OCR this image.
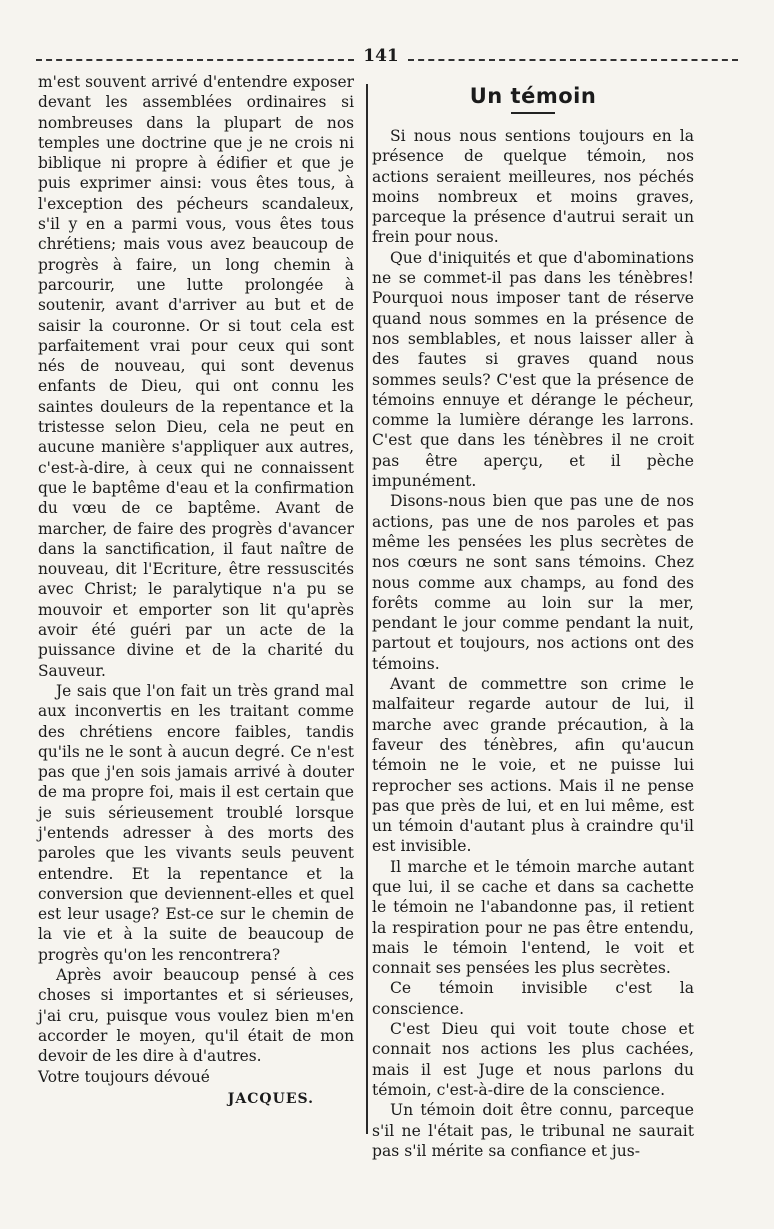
141

m'est souvent arrivé d'entendre exposer devant les assemblées ordinaires si nombreuses dans la plupart de nos temples une doctrine que je ne crois ni biblique ni propre à édifier et que je puis exprimer ainsi: vous êtes tous, à l'exception des pécheurs scandaleux, s'il y en a parmi vous, vous êtes tous chrétiens; mais vous avez beaucoup de progrès à faire, un long chemin à parcourir, une lutte prolongée à soutenir, avant d'arriver au but et de saisir la couronne. Or si tout cela est parfaitement vrai pour ceux qui sont nés de nouveau, qui sont devenus enfants de Dieu, qui ont connu les saintes douleurs de la repentance et la tristesse selon Dieu, cela ne peut en aucune manière s'appliquer aux autres, c'est-à-dire, à ceux qui ne connaissent que le baptême d'eau et la confirmation du vœu de ce baptême. Avant de marcher, de faire des progrès d'avancer dans la sanctification, il faut naître de nouveau, dit l'Ecriture, être ressuscités avec Christ; le paralytique n'a pu se mouvoir et emporter son lit qu'après avoir été guéri par un acte de la puissance divine et de la charité du Sauveur.

Je sais que l'on fait un très grand mal aux inconvertis en les traitant comme des chrétiens encore faibles, tandis qu'ils ne le sont à aucun degré. Ce n'est pas que j'en sois jamais arrivé à douter de ma propre foi, mais il est certain que je suis sérieusement troublé lorsque j'entends adresser à des morts des paroles que les vivants seuls peuvent entendre. Et la repentance et la conversion que deviennent-elles et quel est leur usage? Est-ce sur le chemin de la vie et à la suite de beaucoup de progrès qu'on les rencontrera?

Après avoir beaucoup pensé à ces choses si importantes et si sérieuses, j'ai cru, puisque vous voulez bien m'en accorder le moyen, qu'il était de mon devoir de les dire à d'autres.

Votre toujours dévoué

JACQUES.
Un témoin

Si nous nous sentions toujours en la présence de quelque témoin, nos actions seraient meilleures, nos péchés moins nombreux et moins graves, parceque la présence d'autrui serait un frein pour nous.

Que d'iniquités et que d'abominations ne se commet-il pas dans les ténèbres! Pourquoi nous imposer tant de réserve quand nous sommes en la présence de nos semblables, et nous laisser aller à des fautes si graves quand nous sommes seuls? C'est que la présence de témoins ennuye et dérange le pécheur, comme la lumière dérange les larrons. C'est que dans les ténèbres il ne croit pas être aperçu, et il pèche impunément.

Disons-nous bien que pas une de nos actions, pas une de nos paroles et pas même les pensées les plus secrètes de nos cœurs ne sont sans témoins. Chez nous comme aux champs, au fond des forêts comme au loin sur la mer, pendant le jour comme pendant la nuit, partout et toujours, nos actions ont des témoins.

Avant de commettre son crime le malfaiteur regarde autour de lui, il marche avec grande précaution, à la faveur des ténèbres, afin qu'aucun témoin ne le voie, et ne puisse lui reprocher ses actions. Mais il ne pense pas que près de lui, et en lui même, est un témoin d'autant plus à craindre qu'il est invisible.

Il marche et le témoin marche autant que lui, il se cache et dans sa cachette le témoin ne l'abandonne pas, il retient la respiration pour ne pas être entendu, mais le témoin l'entend, le voit et connait ses pensées les plus secrètes.

Ce témoin invisible c'est la conscience.

C'est Dieu qui voit toute chose et connait nos actions les plus cachées, mais il est Juge et nous parlons du témoin, c'est-à-dire de la conscience.

Un témoin doit être connu, parceque s'il ne l'était pas, le tribunal ne saurait pas s'il mérite sa confiance et jus-
